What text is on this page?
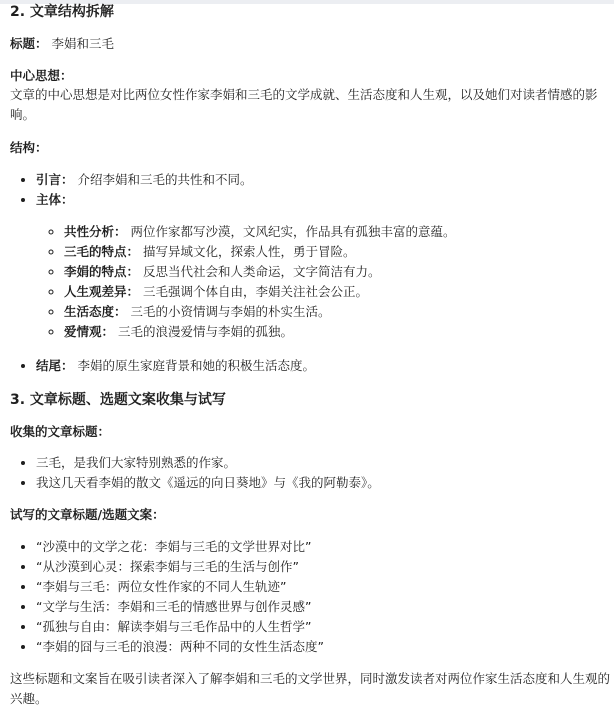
2. 文章结构拆解

标题： 李娟和三毛

中心思想：

文章的中心思想是对比两位女性作家李娟和三毛的文学成就、生活态度和人生观，以及她们对读者情感的影响。

结构：

• 引言： 介绍李娟和三毛的共性和不同。
• 主体：
◦ 共性分析： 两位作家都写沙漠，文风纪实，作品具有孤独丰富的意蕴。
◦ 三毛的特点： 描写异域文化，探索人性，勇于冒险。
◦ 李娟的特点： 反思当代社会和人类命运，文字简洁有力。
◦ 人生观差异： 三毛强调个体自由，李娟关注社会公正。
◦ 生活态度： 三毛的小资情调与李娟的朴实生活。
◦ 爱情观： 三毛的浪漫爱情与李娟的孤独。
• 结尾： 李娟的原生家庭背景和她的积极生活态度。
3. 文章标题、选题文案收集与试写

收集的文章标题：

• 三毛，是我们大家特别熟悉的作家。
• 我这几天看李娟的散文《遥远的向日葵地》与《我的阿勒泰》。

试写的文章标题/选题文案：

• “沙漠中的文学之花：李娟与三毛的文学世界对比”
• “从沙漠到心灵：探索李娟与三毛的生活与创作”
• “李娟与三毛：两位女性作家的不同人生轨迹”
• “文学与生活：李娟和三毛的情感世界与创作灵感”
• “孤独与自由：解读李娟与三毛作品中的人生哲学”
• “李娟的囧与三毛的浪漫：两种不同的女性生活态度”

这些标题和文案旨在吸引读者深入了解李娟和三毛的文学世界，同时激发读者对两位作家生活态度和人生观的兴趣。
